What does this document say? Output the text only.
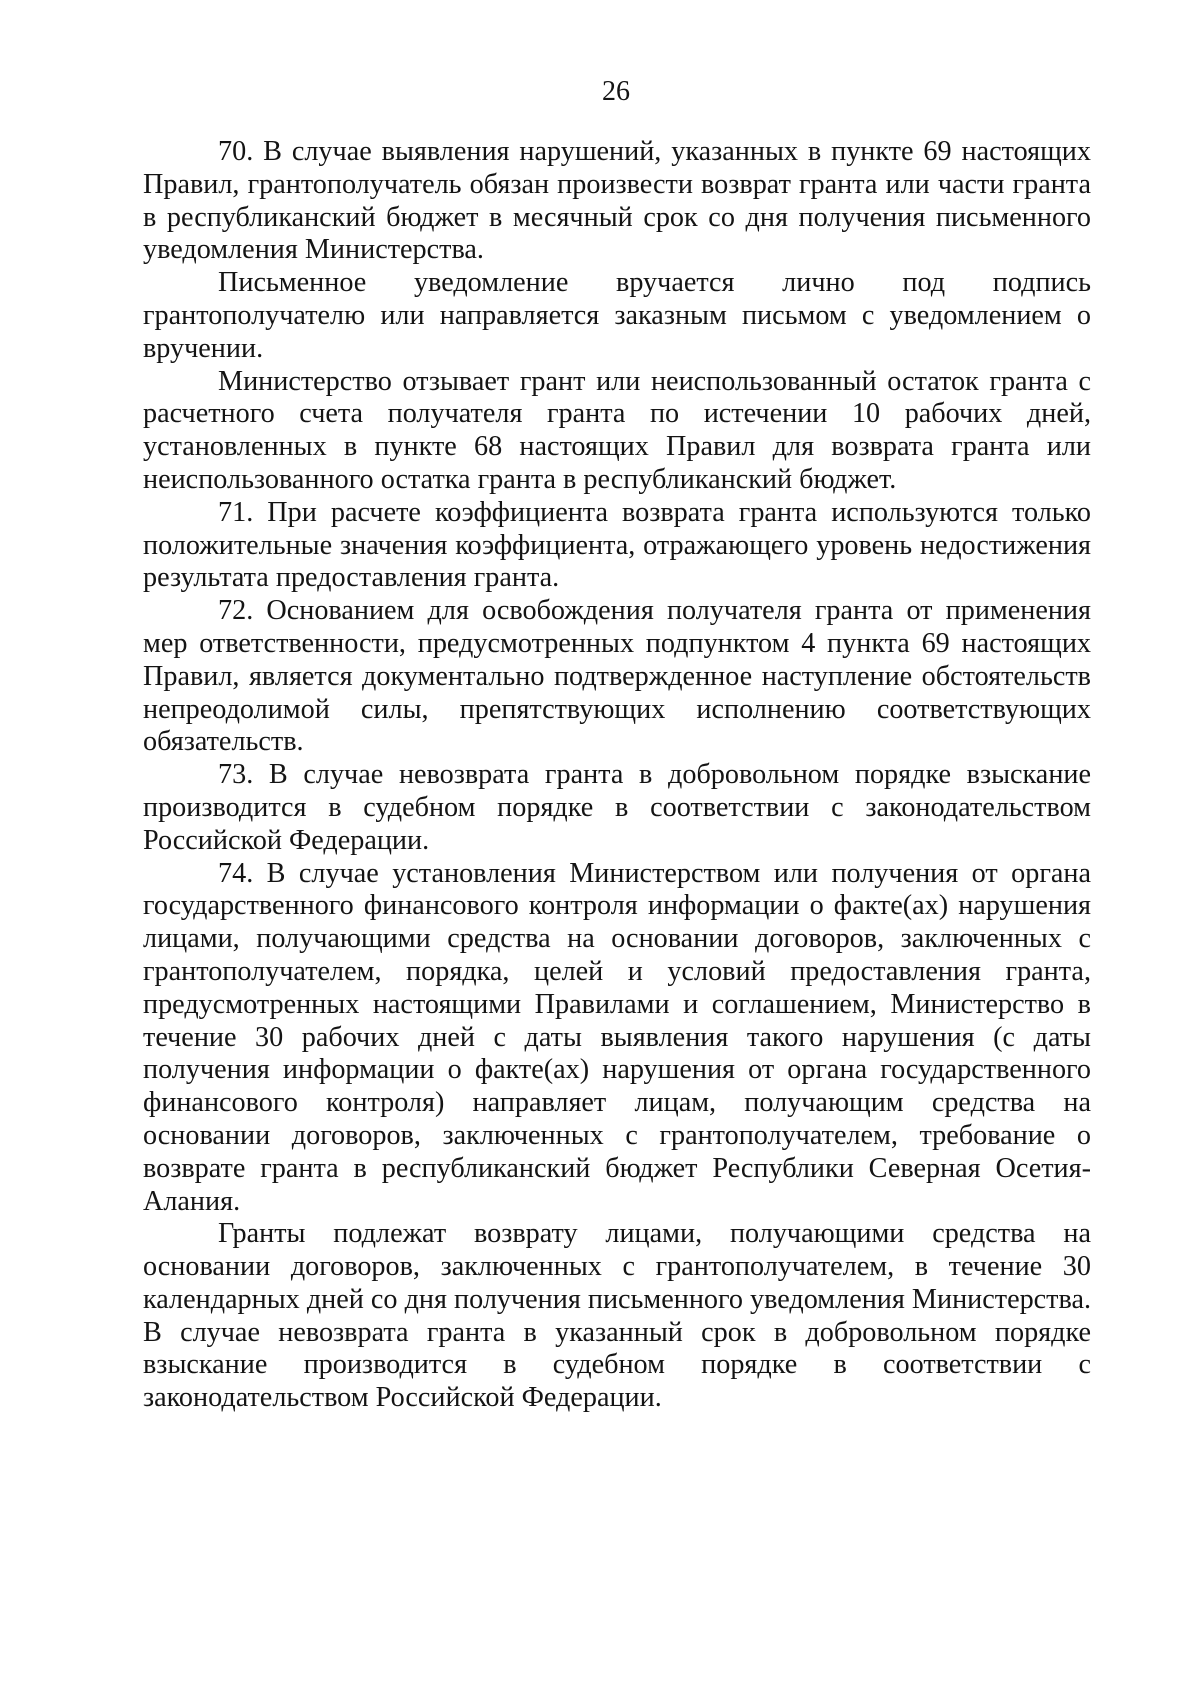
26

70. В случае выявления нарушений, указанных в пункте 69 настоящих Правил, грантополучатель обязан произвести возврат гранта или части гранта в республиканский бюджет в месячный срок со дня получения письменного уведомления Министерства.

Письменное уведомление вручается лично под подпись грантополучателю или направляется заказным письмом с уведомлением о вручении.

Министерство отзывает грант или неиспользованный остаток гранта с расчетного счета получателя гранта по истечении 10 рабочих дней, установленных в пункте 68 настоящих Правил для возврата гранта или неиспользованного остатка гранта в республиканский бюджет.

71. При расчете коэффициента возврата гранта используются только положительные значения коэффициента, отражающего уровень недостижения результата предоставления гранта.

72. Основанием для освобождения получателя гранта от применения мер ответственности, предусмотренных подпунктом 4 пункта 69 настоящих Правил, является документально подтвержденное наступление обстоятельств непреодолимой силы, препятствующих исполнению соответствующих обязательств.

73. В случае невозврата гранта в добровольном порядке взыскание производится в судебном порядке в соответствии с законодательством Российской Федерации.

74. В случае установления Министерством или получения от органа государственного финансового контроля информации о факте(ах) нарушения лицами, получающими средства на основании договоров, заключенных с грантополучателем, порядка, целей и условий предоставления гранта, предусмотренных настоящими Правилами и соглашением, Министерство в течение 30 рабочих дней с даты выявления такого нарушения (с даты получения информации о факте(ах) нарушения от органа государственного финансового контроля) направляет лицам, получающим средства на основании договоров, заключенных с грантополучателем, требование о возврате гранта в республиканский бюджет Республики Северная Осетия-Алания.

Гранты подлежат возврату лицами, получающими средства на основании договоров, заключенных с грантополучателем, в течение 30 календарных дней со дня получения письменного уведомления Министерства. В случае невозврата гранта в указанный срок в добровольном порядке взыскание производится в судебном порядке в соответствии с законодательством Российской Федерации.
